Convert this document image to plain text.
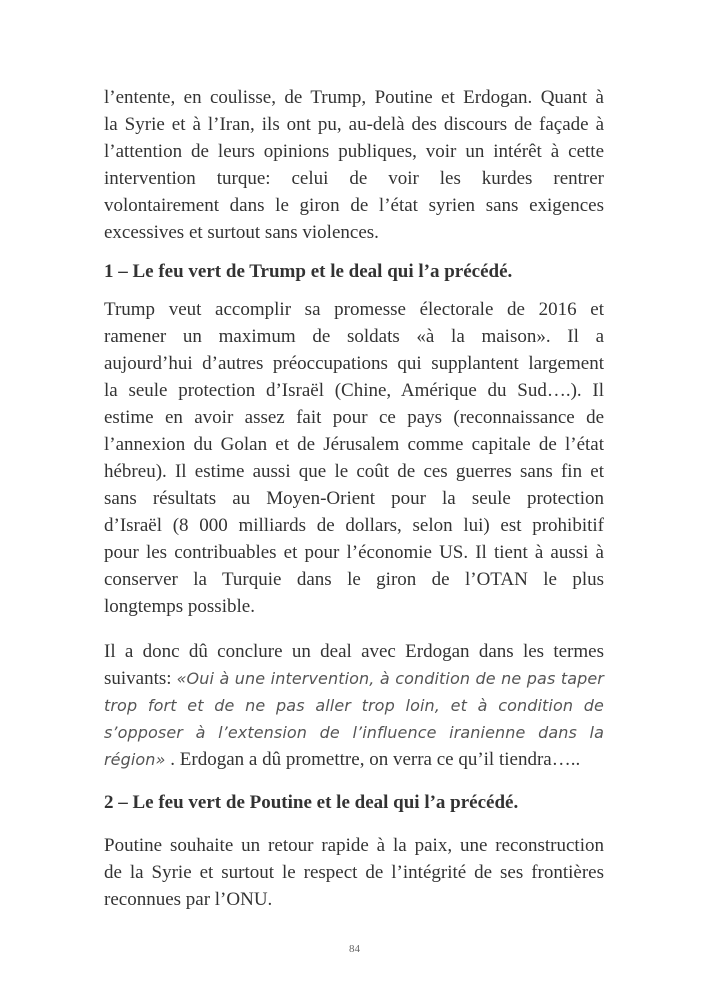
l’entente, en coulisse, de Trump, Poutine et Erdogan. Quant à
la Syrie et à l’Iran, ils ont pu, au-delà des discours de façade à
l’attention de leurs opinions publiques, voir un intérêt à cette
intervention turque: celui de voir les kurdes rentrer
volontairement dans le giron de l’état syrien sans exigences
excessives et surtout sans violences.
1 – Le feu vert de Trump et le deal qui l’a précédé.
Trump veut accomplir sa promesse électorale de 2016 et
ramener un maximum de soldats «à la maison». Il a
aujourd’hui d’autres préoccupations qui supplantent largement
la seule protection d’Israël (Chine, Amérique du Sud….). Il
estime en avoir assez fait pour ce pays (reconnaissance de
l’annexion du Golan et de Jérusalem comme capitale de l’état
hébreu). Il estime aussi que le coût de ces guerres sans fin et
sans résultats au Moyen-Orient pour la seule protection
d’Israël (8 000 milliards de dollars, selon lui) est prohibitif
pour les contribuables et pour l’économie US. Il tient à aussi à
conserver la Turquie dans le giron de l’OTAN le plus
longtemps possible.
Il a donc dû conclure un deal avec Erdogan dans les termes
suivants: «Oui à une intervention, à condition de ne pas taper
trop fort et de ne pas aller trop loin, et à condition de
s’opposer à l’extension de l’influence iranienne dans la
région» . Erdogan a dû promettre, on verra ce qu’il tiendra…..
2 – Le feu vert de Poutine et le deal qui l’a précédé.
Poutine souhaite un retour rapide à la paix, une reconstruction
de la Syrie et surtout le respect de l’intégrité de ses frontières
reconnues par l’ONU.
84
